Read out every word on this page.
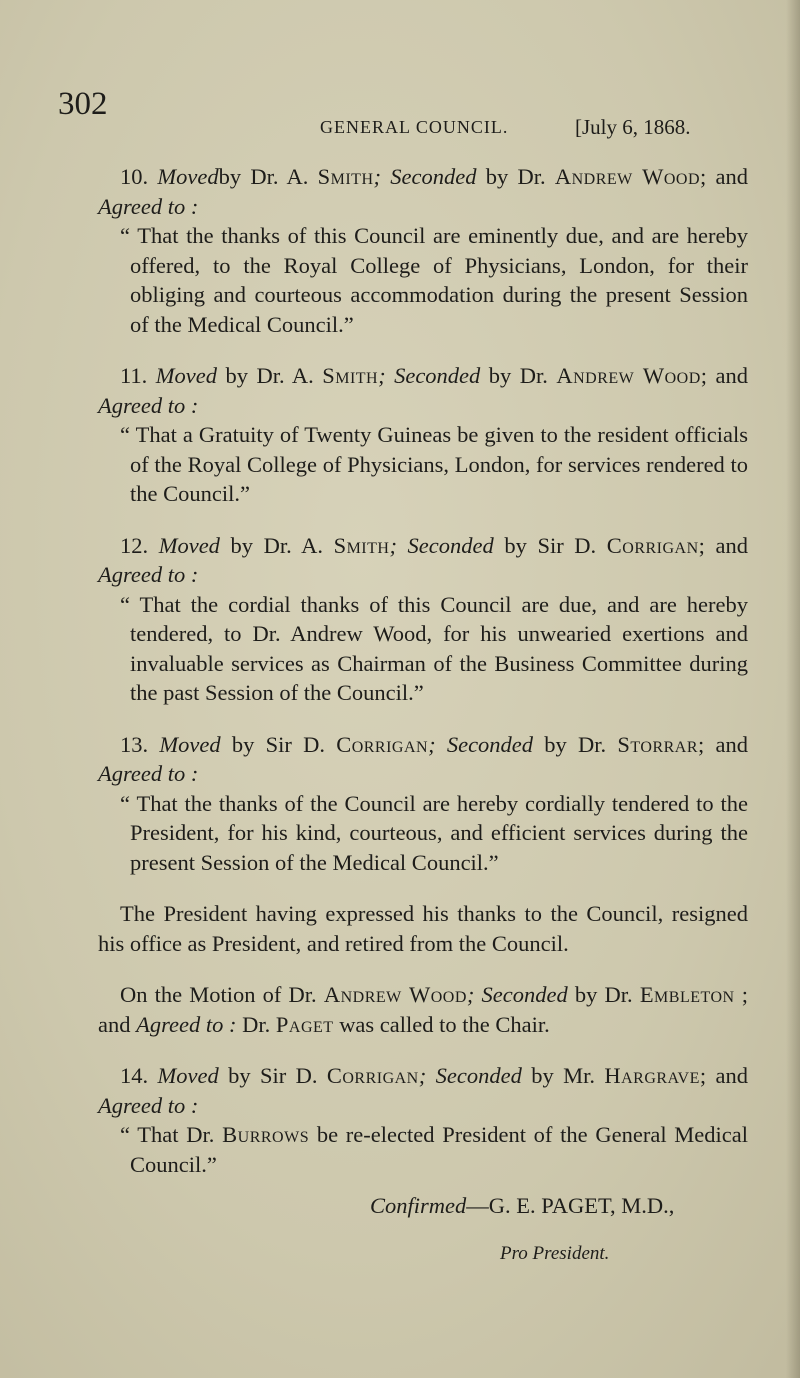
302
GENERAL COUNCIL.	[July 6, 1868.

10. Movedby Dr. A. Smith; Seconded by Dr. Andrew Wood; and Agreed to :

“ That the thanks of this Council are eminently due, and are hereby offered, to the Royal College of Physicians, London, for their obliging and courteous accommodation during the present Session of the Medical Council.”

11. Moved by Dr. A. Smith; Seconded by Dr. Andrew Wood; and Agreed to :

“ That a Gratuity of Twenty Guineas be given to the resident officials of the Royal College of Physicians, London, for services rendered to the Council.”

12. Moved by Dr. A. Smith; Seconded by Sir D. Corrigan; and Agreed to :

“ That the cordial thanks of this Council are due, and are hereby tendered, to Dr. Andrew Wood, for his unwearied exertions and invaluable services as Chairman of the Business Committee during the past Session of the Council.”

13. Moved by Sir D. Corrigan; Seconded by Dr. Storrar; and Agreed to :

“ That the thanks of the Council are hereby cordially tendered to the President, for his kind, courteous, and efficient services during the present Session of the Medical Council.”

The President having expressed his thanks to the Council, resigned his office as President, and retired from the Council.

On the Motion of Dr. Andrew Wood; Seconded by Dr. Embleton ; and Agreed to : Dr. Paget was called to the Chair.

14. Moved by Sir D. Corrigan; Seconded by Mr. Hargrave; and Agreed to :

“ That Dr. Burrows be re-elected President of the General Medical Council.”

Confirmed—G. E. PAGET, M.D.,

Pro President.
